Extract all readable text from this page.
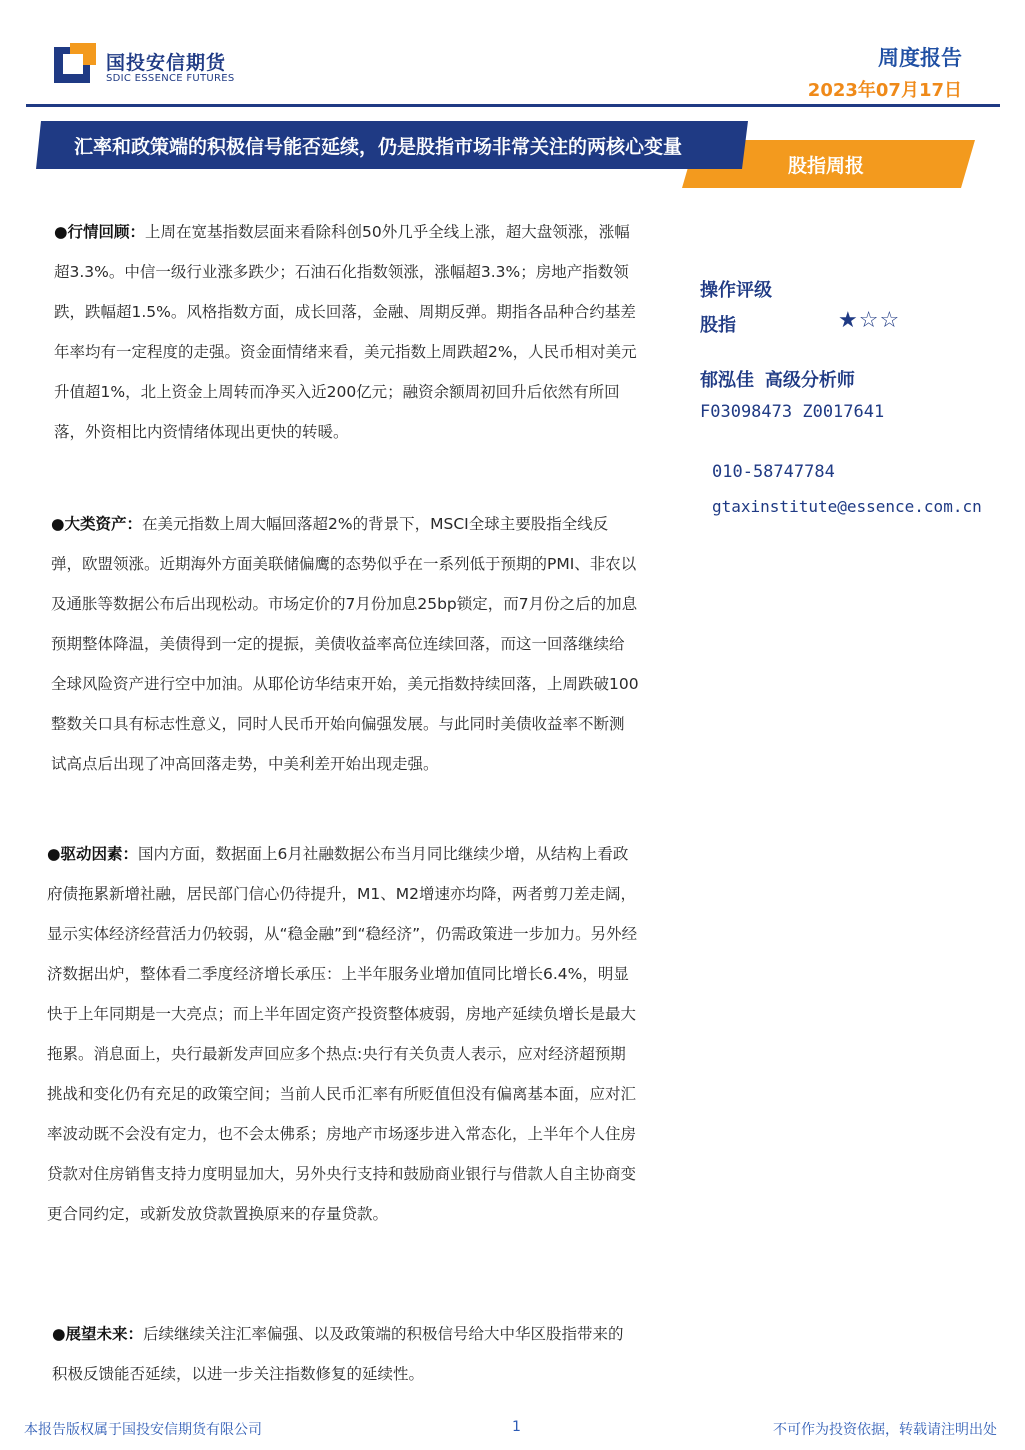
国投安信期货
SDIC ESSENCE FUTURES
周度报告
2023年07月17日
汇率和政策端的积极信号能否延续，仍是股指市场非常关注的两核心变量
股指周报
●行情回顾：上周在宽基指数层面来看除科创50外几乎全线上涨，超大盘领涨，涨幅超3.3%。中信一级行业涨多跌少；石油石化指数领涨，涨幅超3.3%；房地产指数领跌，跌幅超1.5%。风格指数方面，成长回落，金融、周期反弹。期指各品种合约基差年率均有一定程度的走强。资金面情绪来看，美元指数上周跌超2%，人民币相对美元升值超1%，北上资金上周转而净买入近200亿元；融资余额周初回升后依然有所回落，外资相比内资情绪体现出更快的转暖。
●大类资产：在美元指数上周大幅回落超2%的背景下，MSCI全球主要股指全线反弹，欧盟领涨。近期海外方面美联储偏鹰的态势似乎在一系列低于预期的PMI、非农以及通胀等数据公布后出现松动。市场定价的7月份加息25bp锁定，而7月份之后的加息预期整体降温，美债得到一定的提振，美债收益率高位连续回落，而这一回落继续给全球风险资产进行空中加油。从耶伦访华结束开始，美元指数持续回落，上周跌破100整数关口具有标志性意义，同时人民币开始向偏强发展。与此同时美债收益率不断测试高点后出现了冲高回落走势，中美利差开始出现走强。
●驱动因素：国内方面，数据面上6月社融数据公布当月同比继续少增，从结构上看政府债拖累新增社融，居民部门信心仍待提升，M1、M2增速亦均降，两者剪刀差走阔，显示实体经济经营活力仍较弱，从“稳金融”到“稳经济”，仍需政策进一步加力。另外经济数据出炉，整体看二季度经济增长承压：上半年服务业增加值同比增长6.4%，明显快于上年同期是一大亮点；而上半年固定资产投资整体疲弱，房地产延续负增长是最大拖累。消息面上，央行最新发声回应多个热点:央行有关负责人表示，应对经济超预期挑战和变化仍有充足的政策空间；当前人民币汇率有所贬值但没有偏离基本面，应对汇率波动既不会没有定力，也不会太佛系；房地产市场逐步进入常态化，上半年个人住房贷款对住房销售支持力度明显加大，另外央行支持和鼓励商业银行与借款人自主协商变更合同约定，或新发放贷款置换原来的存量贷款。
●展望未来：后续继续关注汇率偏强、以及政策端的积极信号给大中华区股指带来的积极反馈能否延续，以进一步关注指数修复的延续性。
操作评级
股指	★☆☆
郁泓佳 高级分析师
F03098473 Z0017641
010-58747784
gtaxinstitute@essence.com.cn
本报告版权属于国投安信期货有限公司	1	不可作为投资依据，转载请注明出处
